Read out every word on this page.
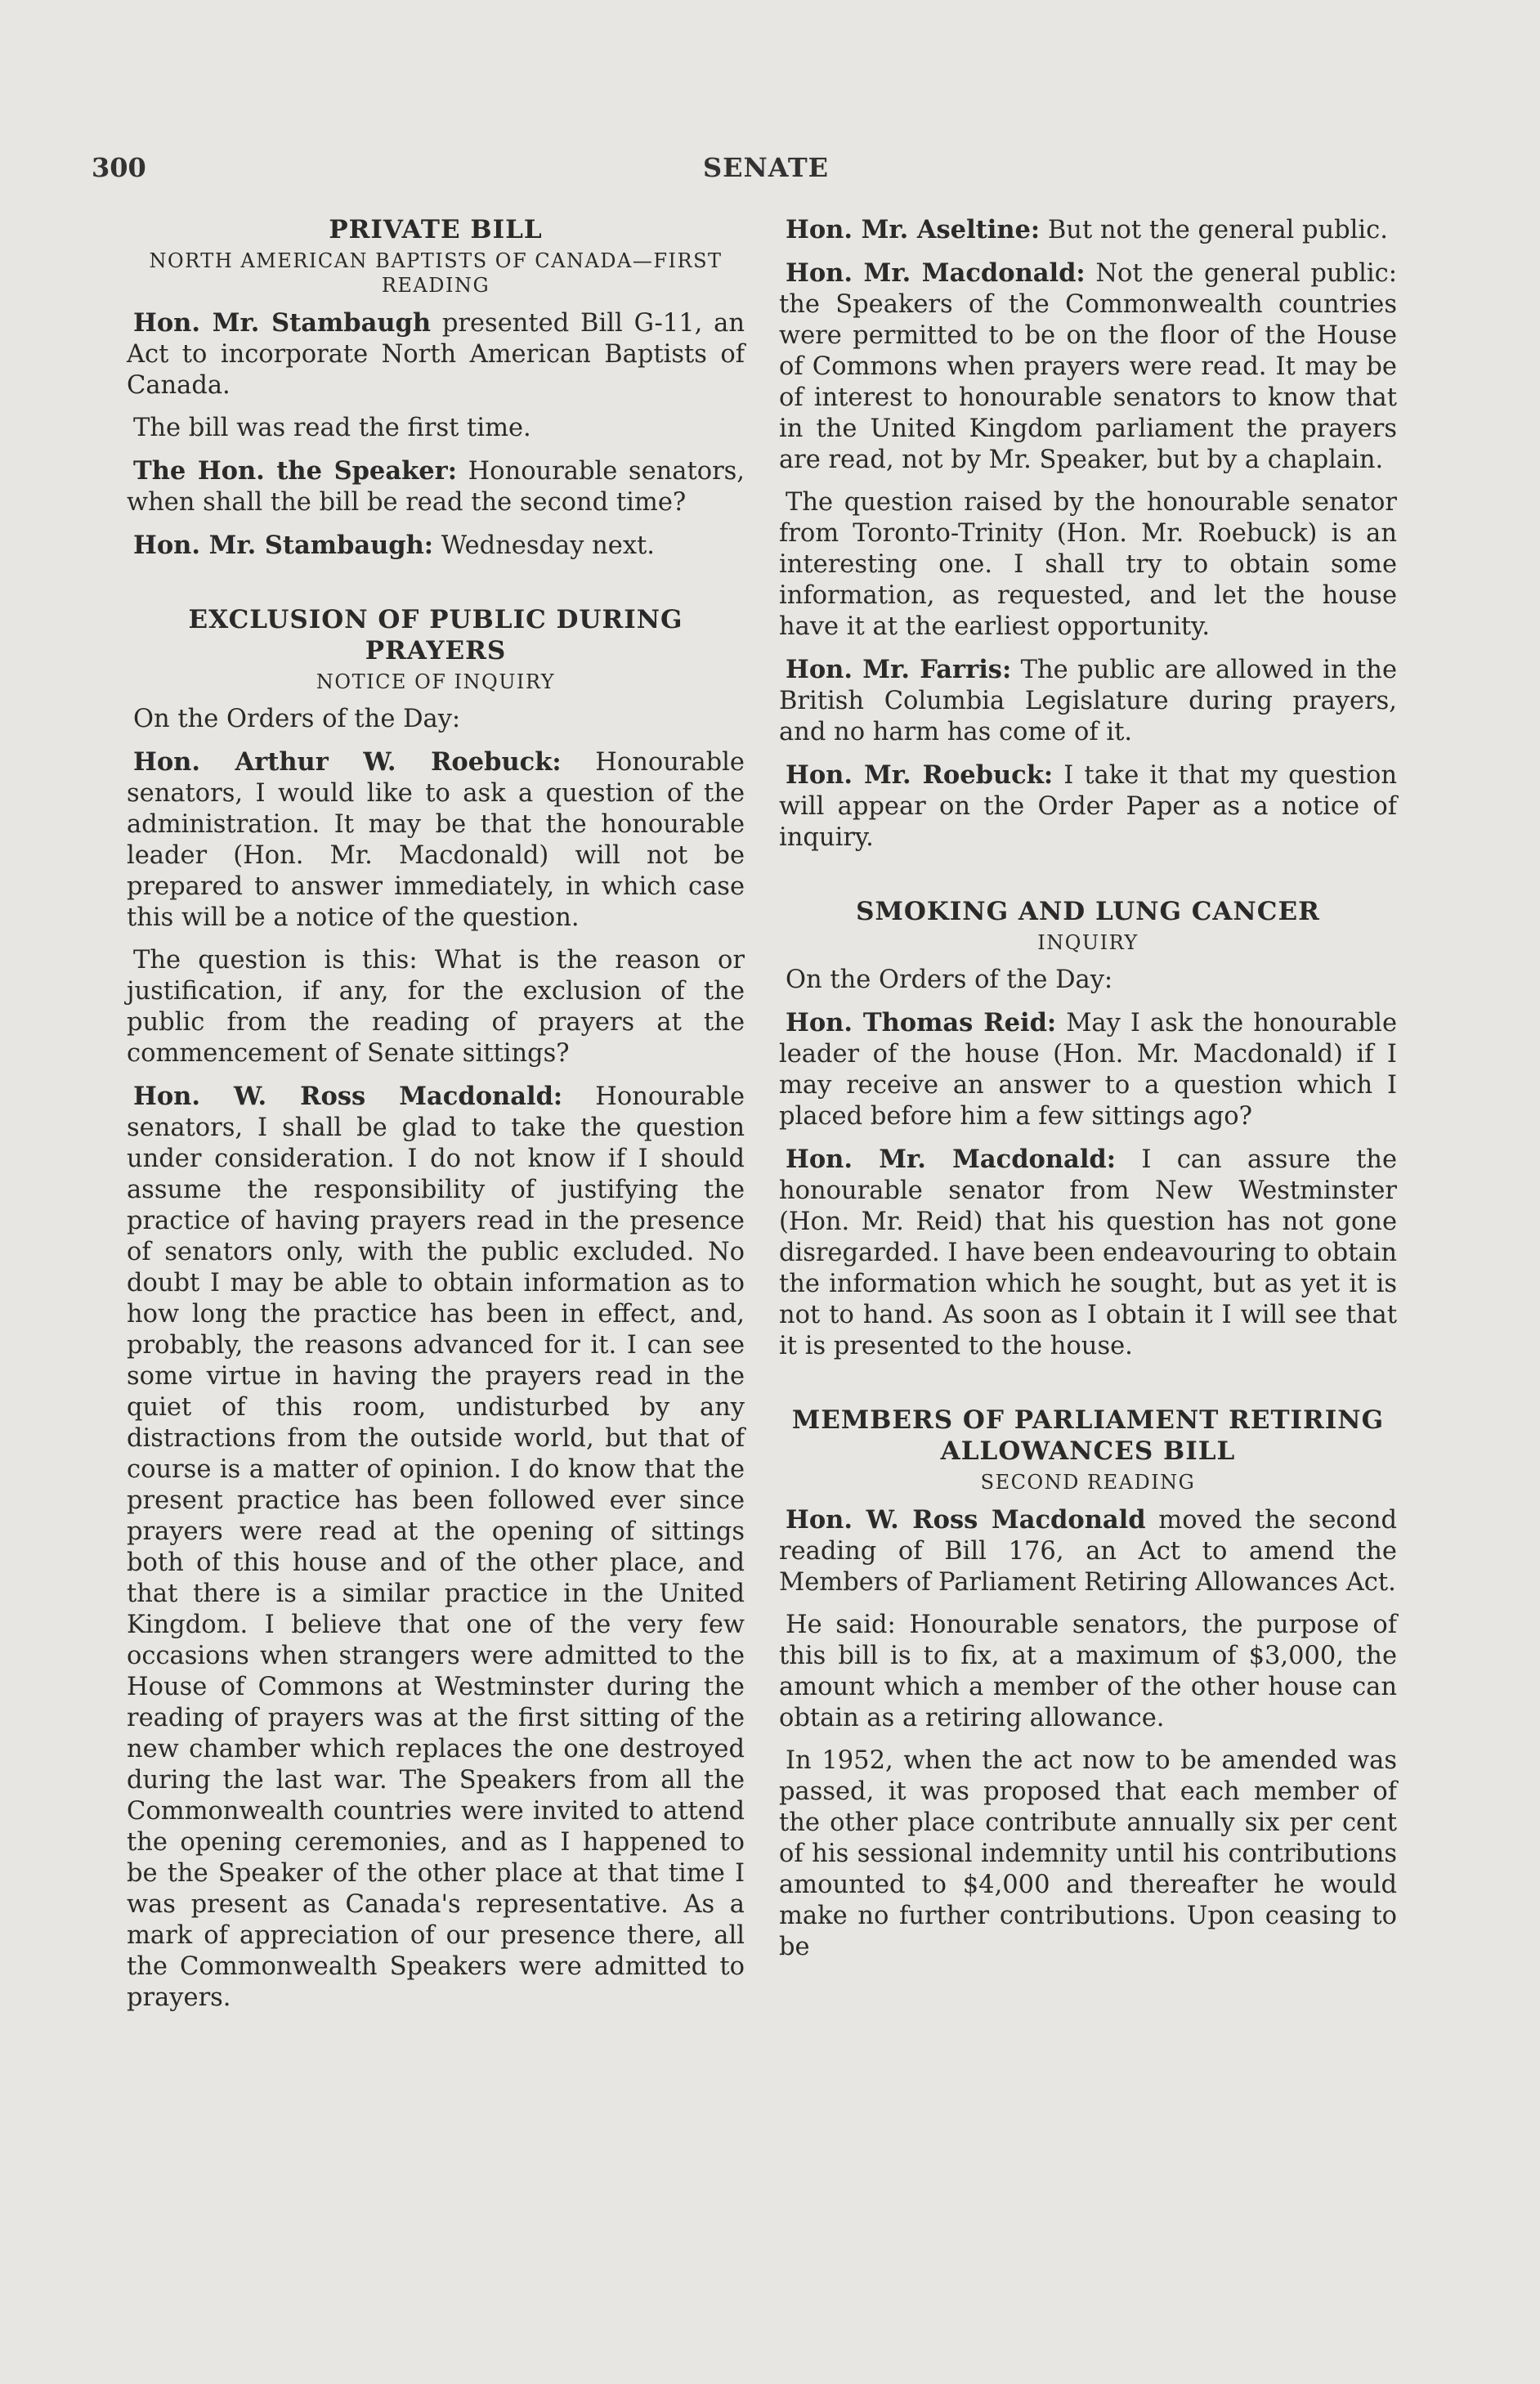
300	SENATE
PRIVATE BILL
NORTH AMERICAN BAPTISTS OF CANADA—FIRST READING

Hon. Mr. Stambaugh presented Bill G-11, an Act to incorporate North American Baptists of Canada.

The bill was read the first time.

The Hon. the Speaker: Honourable senators, when shall the bill be read the second time?

Hon. Mr. Stambaugh: Wednesday next.

EXCLUSION OF PUBLIC DURING PRAYERS
NOTICE OF INQUIRY

On the Orders of the Day:

Hon. Arthur W. Roebuck: Honourable senators, I would like to ask a question of the administration. It may be that the honourable leader (Hon. Mr. Macdonald) will not be prepared to answer immediately, in which case this will be a notice of the question.

The question is this: What is the reason or justification, if any, for the exclusion of the public from the reading of prayers at the commencement of Senate sittings?

Hon. W. Ross Macdonald: Honourable senators, I shall be glad to take the question under consideration. I do not know if I should assume the responsibility of justifying the practice of having prayers read in the presence of senators only, with the public excluded. No doubt I may be able to obtain information as to how long the practice has been in effect, and, probably, the reasons advanced for it. I can see some virtue in having the prayers read in the quiet of this room, undisturbed by any distractions from the outside world, but that of course is a matter of opinion. I do know that the present practice has been followed ever since prayers were read at the opening of sittings both of this house and of the other place, and that there is a similar practice in the United Kingdom. I believe that one of the very few occasions when strangers were admitted to the House of Commons at Westminster during the reading of prayers was at the first sitting of the new chamber which replaces the one destroyed during the last war. The Speakers from all the Commonwealth countries were invited to attend the opening ceremonies, and as I happened to be the Speaker of the other place at that time I was present as Canada's representative. As a mark of appreciation of our presence there, all the Commonwealth Speakers were admitted to prayers.

Hon. Mr. Aseltine: But not the general public.

Hon. Mr. Macdonald: Not the general public: the Speakers of the Commonwealth countries were permitted to be on the floor of the House of Commons when prayers were read. It may be of interest to honourable senators to know that in the United Kingdom parliament the prayers are read, not by Mr. Speaker, but by a chaplain.

The question raised by the honourable senator from Toronto-Trinity (Hon. Mr. Roebuck) is an interesting one. I shall try to obtain some information, as requested, and let the house have it at the earliest opportunity.

Hon. Mr. Farris: The public are allowed in the British Columbia Legislature during prayers, and no harm has come of it.

Hon. Mr. Roebuck: I take it that my question will appear on the Order Paper as a notice of inquiry.

SMOKING AND LUNG CANCER
INQUIRY

On the Orders of the Day:

Hon. Thomas Reid: May I ask the honourable leader of the house (Hon. Mr. Macdonald) if I may receive an answer to a question which I placed before him a few sittings ago?

Hon. Mr. Macdonald: I can assure the honourable senator from New Westminster (Hon. Mr. Reid) that his question has not gone disregarded. I have been endeavouring to obtain the information which he sought, but as yet it is not to hand. As soon as I obtain it I will see that it is presented to the house.

MEMBERS OF PARLIAMENT RETIRING ALLOWANCES BILL
SECOND READING

Hon. W. Ross Macdonald moved the second reading of Bill 176, an Act to amend the Members of Parliament Retiring Allowances Act.

He said: Honourable senators, the purpose of this bill is to fix, at a maximum of $3,000, the amount which a member of the other house can obtain as a retiring allowance.

In 1952, when the act now to be amended was passed, it was proposed that each member of the other place contribute annually six per cent of his sessional indemnity until his contributions amounted to $4,000 and thereafter he would make no further contributions. Upon ceasing to be
